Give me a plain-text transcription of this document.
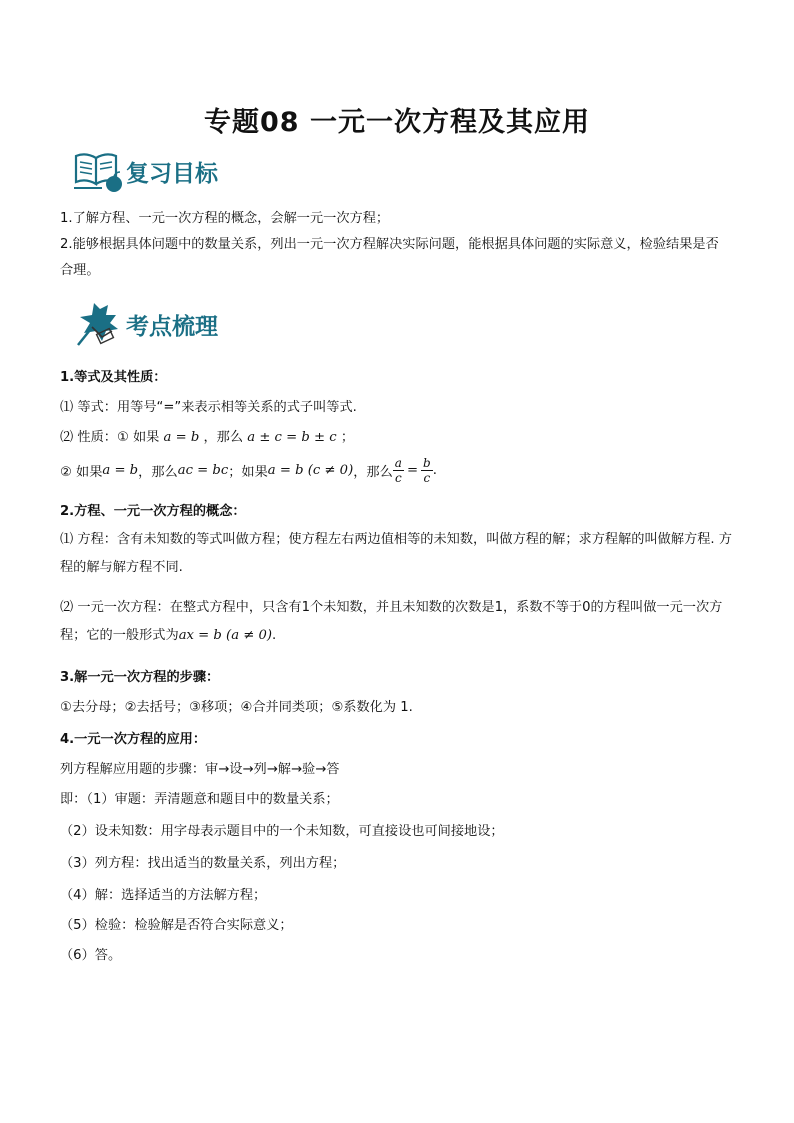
专题08 一元一次方程及其应用
复习目标
1.了解方程、一元一次方程的概念，会解一元一次方程；
2.能够根据具体问题中的数量关系，列出一元一次方程解决实际问题，能根据具体问题的实际意义，检验结果是否合理。
考点梳理
1.等式及其性质：
⑴ 等式：用等号“=”来表示相等关系的式子叫等式.
⑵ 性质：① 如果 a = b ，那么 a ± c = b ± c ；
② 如果 a = b ，那么 ac = bc ；如果 a = b (c ≠ 0) ，那么 $\frac{a}{c} = \frac{b}{c}$ .
2.方程、一元一次方程的概念：
⑴ 方程：含有未知数的等式叫做方程；使方程左右两边值相等的未知数，叫做方程的解；求方程解的叫做解方程. 方程的解与解方程不同.
⑵ 一元一次方程：在整式方程中，只含有1个未知数，并且未知数的次数是1，系数不等于0的方程叫做一元一次方程；它的一般形式为ax = b (a ≠ 0).
3.解一元一次方程的步骤：
①去分母；②去括号；③移项；④合并同类项；⑤系数化为 1.
4.一元一次方程的应用：
列方程解应用题的步骤：审→设→列→解→验→答
即：（1）审题：弄清题意和题目中的数量关系；
（2）设未知数：用字母表示题目中的一个未知数，可直接设也可间接地设；
（3）列方程：找出适当的数量关系，列出方程；
（4）解：选择适当的方法解方程；
（5）检验：检验解是否符合实际意义；
（6）答。
